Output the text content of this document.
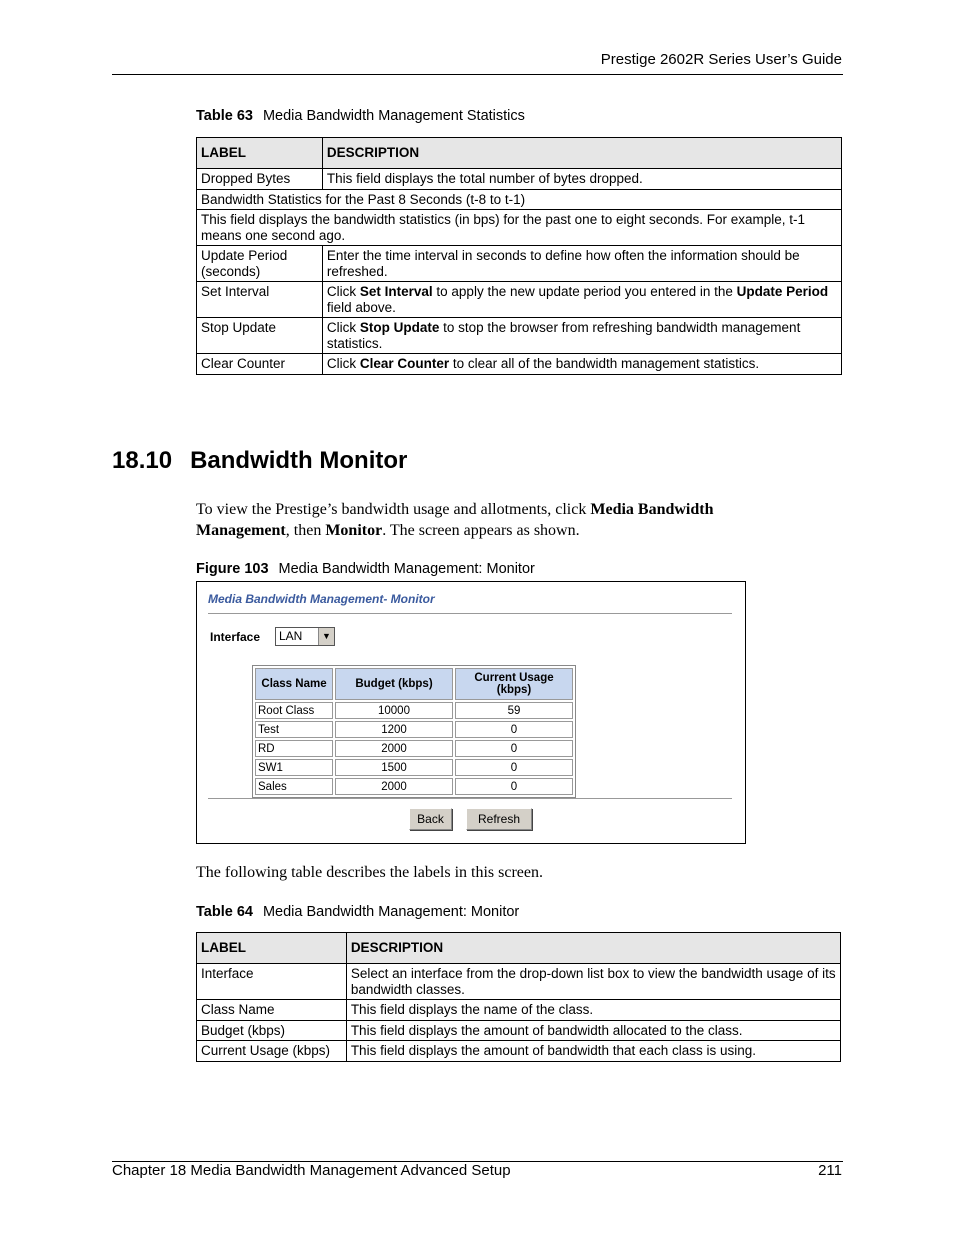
Prestige 2602R Series User’s Guide
Table 63 Media Bandwidth Management Statistics
LABEL	DESCRIPTION
Dropped Bytes	This field displays the total number of bytes dropped.
Bandwidth Statistics for the Past 8 Seconds (t-8 to t-1)	
This field displays the bandwidth statistics (in bps) for the past one to eight seconds. For example, t-1 means one second ago.	
Update Period (seconds)	Enter the time interval in seconds to define how often the information should be refreshed.
Set Interval	Click Set Interval to apply the new update period you entered in the Update Period field above.
Stop Update	Click Stop Update to stop the browser from refreshing bandwidth management statistics.
Clear Counter	Click Clear Counter to clear all of the bandwidth management statistics.
18.10 Bandwidth Monitor
To view the Prestige’s bandwidth usage and allotments, click Media Bandwidth Management, then Monitor. The screen appears as shown.
Figure 103 Media Bandwidth Management: Monitor
Media Bandwidth Management- Monitor
Interface LAN	▼
Class Name	Budget (kbps)	Current Usage (kbps)
Root Class	10000	59
Test	1200	0
RD	2000	0
SW1	1500	0
Sales	2000	0
Back	Refresh
The following table describes the labels in this screen.
Table 64 Media Bandwidth Management: Monitor
LABEL	DESCRIPTION
Interface	Select an interface from the drop-down list box to view the bandwidth usage of its bandwidth classes.
Class Name	This field displays the name of the class.
Budget (kbps)	This field displays the amount of bandwidth allocated to the class.
Current Usage (kbps)	This field displays the amount of bandwidth that each class is using.
Chapter 18 Media Bandwidth Management Advanced Setup	211
